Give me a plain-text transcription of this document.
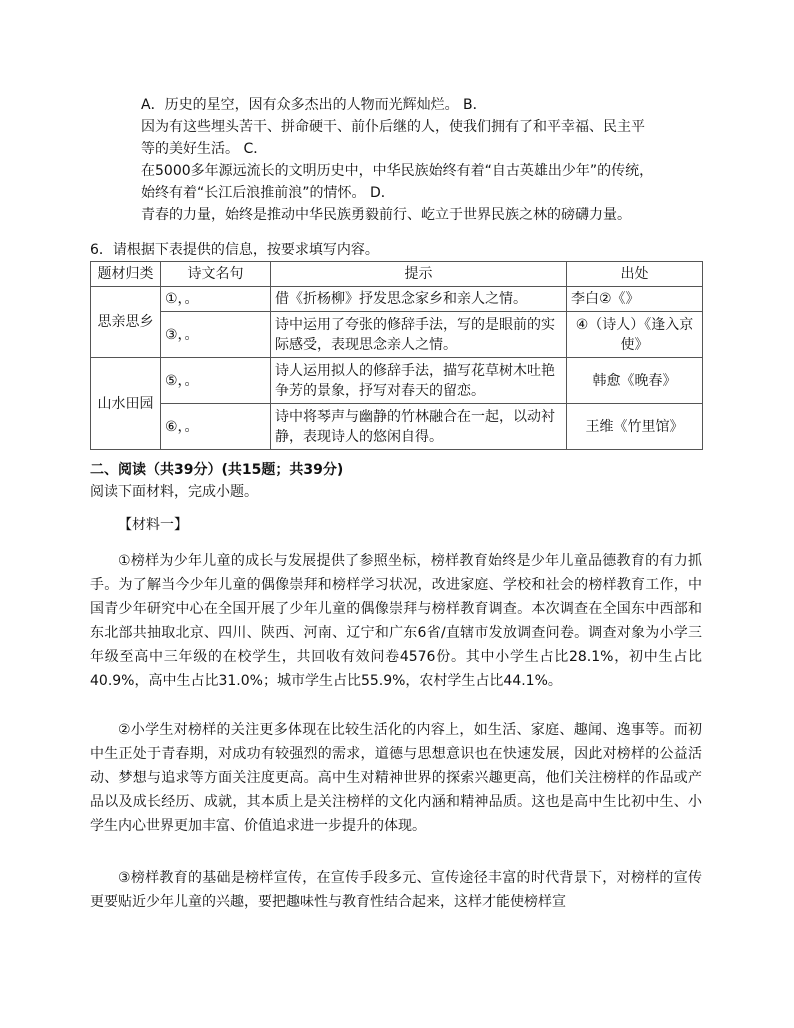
A．历史的星空，因有众多杰出的人物而光辉灿烂。 B．
因为有这些埋头苦干、拼命硬干、前仆后继的人，使我们拥有了和平幸福、民主平
等的美好生活。 C．
在5000多年源远流长的文明历史中，中华民族始终有着“自古英雄出少年”的传统，
始终有着“长江后浪推前浪”的情怀。 D．
青春的力量，始终是推动中华民族勇毅前行、屹立于世界民族之林的磅礴力量。
6．请根据下表提供的信息，按要求填写内容。
题材归类	诗文名句	提示	出处
思亲思乡	①，。	借《折杨柳》抒发思念家乡和亲人之情。	李白②《》
	③，。	诗中运用了夸张的修辞手法，写的是眼前的实际感受，表现思念亲人之情。	④（诗人）《逢入京使》
山水田园	⑤，。	诗人运用拟人的修辞手法，描写花草树木吐艳争芳的景象，抒写对春天的留恋。	韩愈《晚春》
	⑥，。	诗中将琴声与幽静的竹林融合在一起，以动衬静，表现诗人的悠闲自得。	王维《竹里馆》
二、阅读（共39分）(共15题；共39分)
阅读下面材料，完成小题。
【材料一】

①榜样为少年儿童的成长与发展提供了参照坐标，榜样教育始终是少年儿童品德教育的有力抓手。为了解当今少年儿童的偶像崇拜和榜样学习状况，改进家庭、学校和社会的榜样教育工作，中国青少年研究中心在全国开展了少年儿童的偶像崇拜与榜样教育调查。本次调查在全国东中西部和东北部共抽取北京、四川、陕西、河南、辽宁和广东6省/直辖市发放调查问卷。调查对象为小学三年级至高中三年级的在校学生，共回收有效问卷4576份。其中小学生占比28.1%，初中生占比40.9%，高中生占比31.0%；城市学生占比55.9%，农村学生占比44.1%。

②小学生对榜样的关注更多体现在比较生活化的内容上，如生活、家庭、趣闻、逸事等。而初中生正处于青春期，对成功有较强烈的需求，道德与思想意识也在快速发展，因此对榜样的公益活动、梦想与追求等方面关注度更高。高中生对精神世界的探索兴趣更高，他们关注榜样的作品或产品以及成长经历、成就，其本质上是关注榜样的文化内涵和精神品质。这也是高中生比初中生、小学生内心世界更加丰富、价值追求进一步提升的体现。

③榜样教育的基础是榜样宣传，在宣传手段多元、宣传途径丰富的时代背景下，对榜样的宣传更要贴近少年儿童的兴趣，要把趣味性与教育性结合起来，这样才能使榜样宣
